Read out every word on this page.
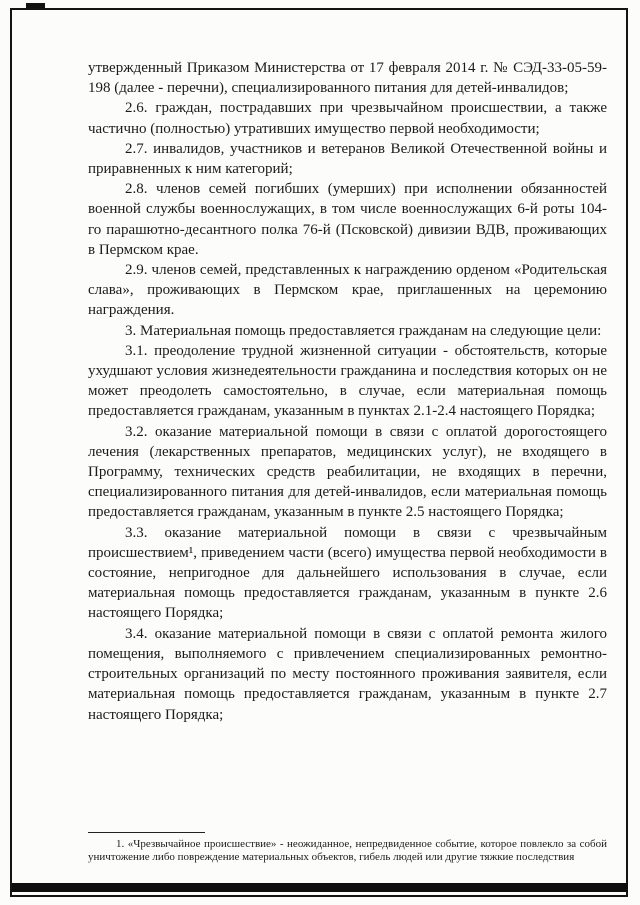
утвержденный Приказом Министерства от 17 февраля 2014 г. № СЭД-33-05-59-198 (далее - перечни), специализированного питания для детей-инвалидов;

2.6. граждан, пострадавших при чрезвычайном происшествии, а также частично (полностью) утративших имущество первой необходимости;

2.7. инвалидов, участников и ветеранов Великой Отечественной войны и приравненных к ним категорий;

2.8. членов семей погибших (умерших) при исполнении обязанностей военной службы военнослужащих, в том числе военнослужащих 6-й роты 104-го парашютно-десантного полка 76-й (Псковской) дивизии ВДВ, проживающих в Пермском крае.

2.9. членов семей, представленных к награждению орденом «Родительская слава», проживающих в Пермском крае, приглашенных на церемонию награждения.

3. Материальная помощь предоставляется гражданам на следующие цели:

3.1. преодоление трудной жизненной ситуации - обстоятельств, которые ухудшают условия жизнедеятельности гражданина и последствия которых он не может преодолеть самостоятельно, в случае, если материальная помощь предоставляется гражданам, указанным в пунктах 2.1-2.4 настоящего Порядка;

3.2. оказание материальной помощи в связи с оплатой дорогостоящего лечения (лекарственных препаратов, медицинских услуг), не входящего в Программу, технических средств реабилитации, не входящих в перечни, специализированного питания для детей-инвалидов, если материальная помощь предоставляется гражданам, указанным в пункте 2.5 настоящего Порядка;

3.3. оказание материальной помощи в связи с чрезвычайным происшествием¹, приведением части (всего) имущества первой необходимости в состояние, непригодное для дальнейшего использования в случае, если материальная помощь предоставляется гражданам, указанным в пункте 2.6 настоящего Порядка;

3.4. оказание материальной помощи в связи с оплатой ремонта жилого помещения, выполняемого с привлечением специализированных ремонтно-строительных организаций по месту постоянного проживания заявителя, если материальная помощь предоставляется гражданам, указанным в пункте 2.7 настоящего Порядка;

1. «Чрезвычайное происшествие» - неожиданное, непредвиденное событие, которое повлекло за собой уничтожение либо повреждение материальных объектов, гибель людей или другие тяжкие последствия
